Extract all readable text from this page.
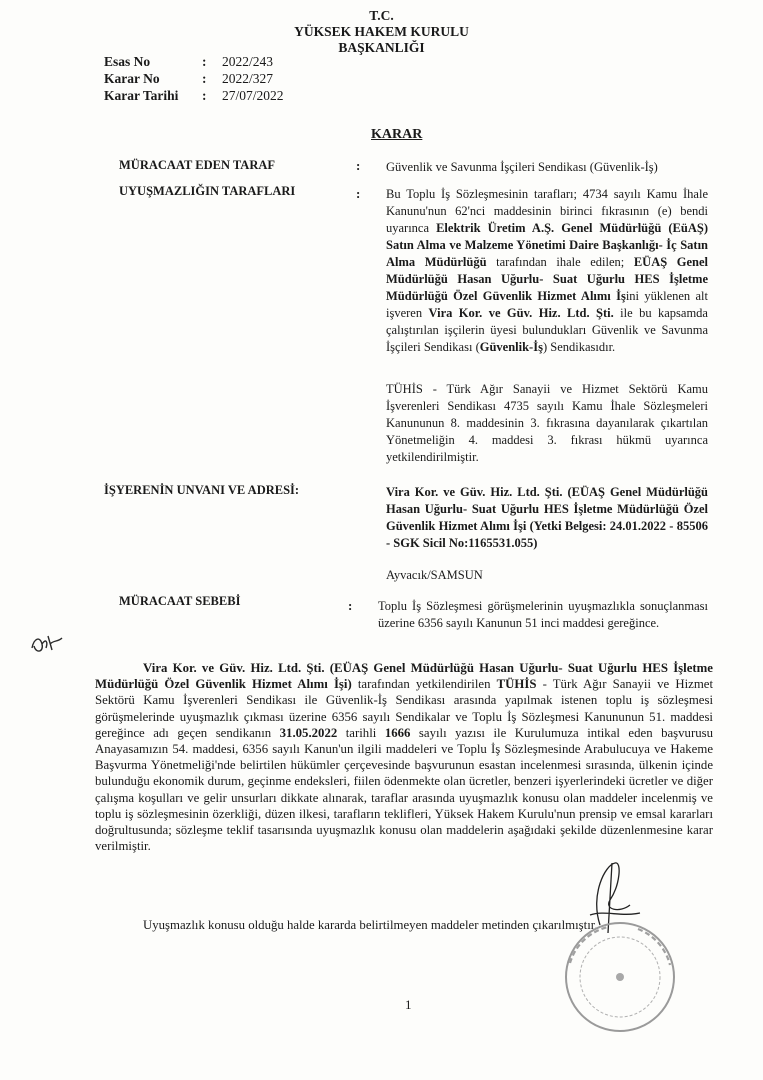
T.C.
YÜKSEK HAKEM KURULU
BAŞKANLIĞI
Esas No	: 2022/243
Karar No	: 2022/327
Karar Tarihi : 27/07/2022
KARAR
MÜRACAAT EDEN TARAF	: Güvenlik ve Savunma İşçileri Sendikası (Güvenlik-İş)
UYUŞMAZLIĞIN TARAFLARI	: Bu Toplu İş Sözleşmesinin tarafları; 4734 sayılı Kamu İhale Kanunu'nun 62'nci maddesinin birinci fıkrasının (e) bendi uyarınca Elektrik Üretim A.Ş. Genel Müdürlüğü (EüAŞ) Satın Alma ve Malzeme Yönetimi Daire Başkanlığı- İç Satın Alma Müdürlüğü tarafından ihale edilen; EÜAŞ Genel Müdürlüğü Hasan Uğurlu- Suat Uğurlu HES İşletme Müdürlüğü Özel Güvenlik Hizmet Alımı İşini yüklenen alt işveren Vira Kor. ve Güv. Hiz. Ltd. Şti. ile bu kapsamda çalıştırılan işçilerin üyesi bulundukları Güvenlik ve Savunma İşçileri Sendikası (Güvenlik-İş) Sendikasıdır.
TÜHİS - Türk Ağır Sanayii ve Hizmet Sektörü Kamu İşverenleri Sendikası 4735 sayılı Kamu İhale Sözleşmeleri Kanununun 8. maddesinin 3. fıkrasına dayanılarak çıkartılan Yönetmeliğin 4. maddesi 3. fıkrası hükmü uyarınca yetkilendirilmiştir.
İŞYERENİN UNVANI VE ADRESİ:	Vira Kor. ve Güv. Hiz. Ltd. Şti. (EÜAŞ Genel Müdürlüğü Hasan Uğurlu- Suat Uğurlu HES İşletme Müdürlüğü Özel Güvenlik Hizmet Alımı İşi (Yetki Belgesi: 24.01.2022 - 85506 - SGK Sicil No:1165531.055)
Ayvacık/SAMSUN
MÜRACAAT SEBEBİ	: Toplu İş Sözleşmesi görüşmelerinin uyuşmazlıkla sonuçlanması üzerine 6356 sayılı Kanunun 51 inci maddesi gereğince.
Vira Kor. ve Güv. Hiz. Ltd. Şti. (EÜAŞ Genel Müdürlüğü Hasan Uğurlu- Suat Uğurlu HES İşletme Müdürlüğü Özel Güvenlik Hizmet Alımı İşi) tarafından yetkilendirilen TÜHİS - Türk Ağır Sanayii ve Hizmet Sektörü Kamu İşverenleri Sendikası ile Güvenlik-İş Sendikası arasında yapılmak istenen toplu iş sözleşmesi görüşmelerinde uyuşmazlık çıkması üzerine 6356 sayılı Sendikalar ve Toplu İş Sözleşmesi Kanununun 51. maddesi gereğince adı geçen sendikanın 31.05.2022 tarihli 1666 sayılı yazısı ile Kurulumuza intikal eden başvurusu Anayasamızın 54. maddesi, 6356 sayılı Kanun'un ilgili maddeleri ve Toplu İş Sözleşmesinde Arabulucuya ve Hakeme Başvurma Yönetmeliği'nde belirtilen hükümler çerçevesinde başvurunun esastan incelenmesi sırasında, ülkenin içinde bulunduğu ekonomik durum, geçinme endeksleri, fiilen ödenmekte olan ücretler, benzeri işyerlerindeki ücretler ve diğer çalışma koşulları ve gelir unsurları dikkate alınarak, taraflar arasında uyuşmazlık konusu olan maddeler incelenmiş ve toplu iş sözleşmesinin özerkliği, düzen ilkesi, tarafların teklifleri, Yüksek Hakem Kurulu'nun prensip ve emsal kararları doğrultusunda; sözleşme teklif tasarısında uyuşmazlık konusu olan maddelerin aşağıdaki şekilde düzenlenmesine karar verilmiştir.
Uyuşmazlık konusu olduğu halde kararda belirtilmeyen maddeler metinden çıkarılmıştır.
1
